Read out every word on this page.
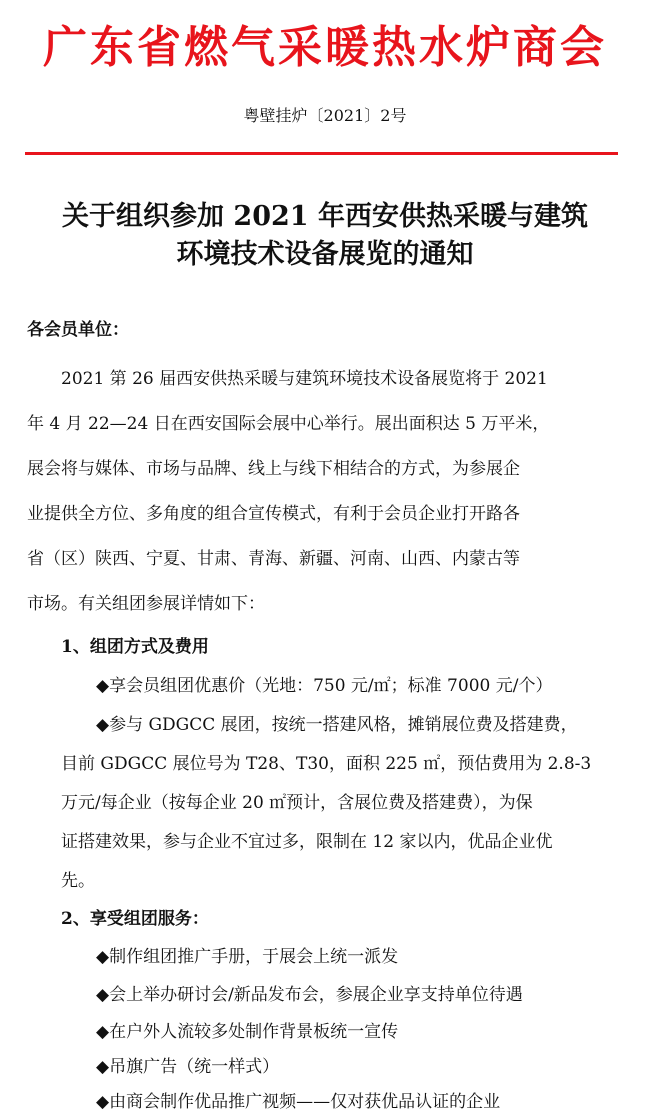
广东省燃气采暖热水炉商会
粤壁挂炉〔2021〕2号
关于组织参加 2021 年西安供热采暖与建筑
环境技术设备展览的通知
各会员单位：
2021 第 26 届西安供热采暖与建筑环境技术设备展览将于 2021
年 4 月 22—24 日在西安国际会展中心举行。展出面积达 5 万平米，
展会将与媒体、市场与品牌、线上与线下相结合的方式，为参展企
业提供全方位、多角度的组合宣传模式，有利于会员企业打开路各
省（区）陕西、宁夏、甘肃、青海、新疆、河南、山西、内蒙古等
市场。有关组团参展详情如下：
1、组团方式及费用
◆享会员组团优惠价（光地：750 元/㎡；标准 7000 元/个）
◆参与 GDGCC 展团，按统一搭建风格，摊销展位费及搭建费，
目前 GDGCC 展位号为 T28、T30，面积 225 ㎡，预估费用为 2.8-3
万元/每企业（按每企业 20 ㎡预计，含展位费及搭建费），为保
证搭建效果，参与企业不宜过多，限制在 12 家以内，优品企业优
先。
2、享受组团服务：
◆制作组团推广手册，于展会上统一派发
◆会上举办研讨会/新品发布会，参展企业享支持单位待遇
◆在户外人流较多处制作背景板统一宣传
◆吊旗广告（统一样式）
◆由商会制作优品推广视频——仅对获优品认证的企业
